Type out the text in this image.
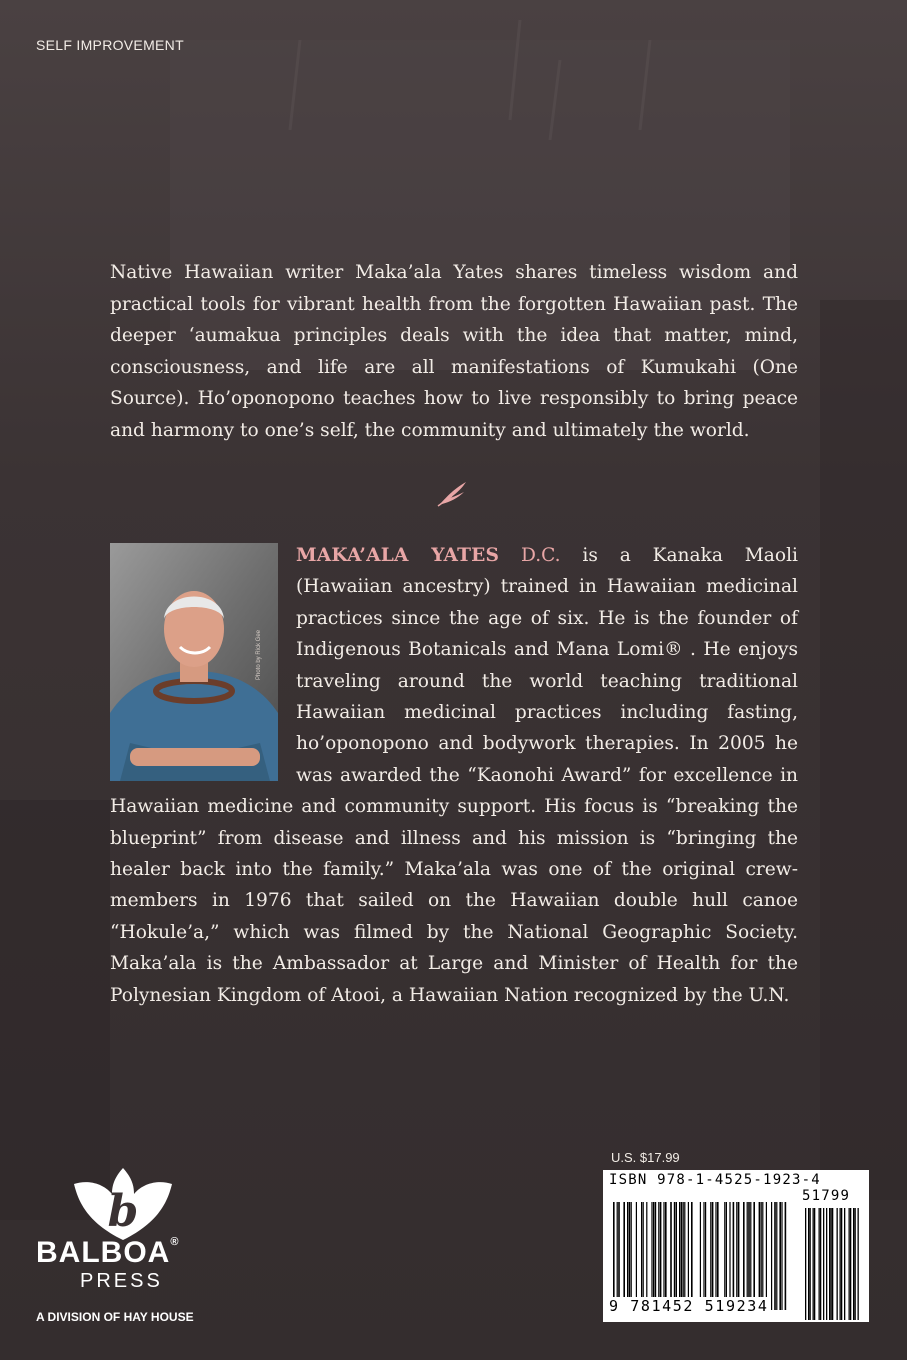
SELF IMPROVEMENT

Native Hawaiian writer Maka’ala Yates shares timeless wisdom and practical tools for vibrant health from the forgotten Hawaiian past. The deeper ‘aumakua principles deals with the idea that matter, mind, consciousness, and life are all manifestations of Kumukahi (One Source). Ho’oponopono teaches how to live responsibly to bring peace and harmony to one’s self, the community and ultimately the world.

MAKA’ALA YATES D.C. is a Kanaka Maoli (Hawaiian ancestry) trained in Hawaiian medicinal practices since the age of six. He is the founder of Indigenous Botanicals and Mana Lomi® . He enjoys traveling around the world teaching traditional Hawaiian medicinal practices including fasting, ho’oponopono and bodywork therapies. In 2005 he was awarded the “Kaonohi Award” for excellence in Hawaiian medicine and community support. His focus is “breaking the blueprint” from disease and illness and his mission is “bringing the healer back into the family.” Maka’ala was one of the original crew-members in 1976 that sailed on the Hawaiian double hull canoe “Hokule’a,” which was filmed by the National Geographic Society. Maka’ala is the Ambassador at Large and Minister of Health for the Polynesian Kingdom of Atooi, a Hawaiian Nation recognized by the U.N.
b
BALBOA®
PRESS
A DIVISION OF HAY HOUSE
U.S. $17.99
ISBN 978-1-4525-1923-4
51799
9 781452 519234
